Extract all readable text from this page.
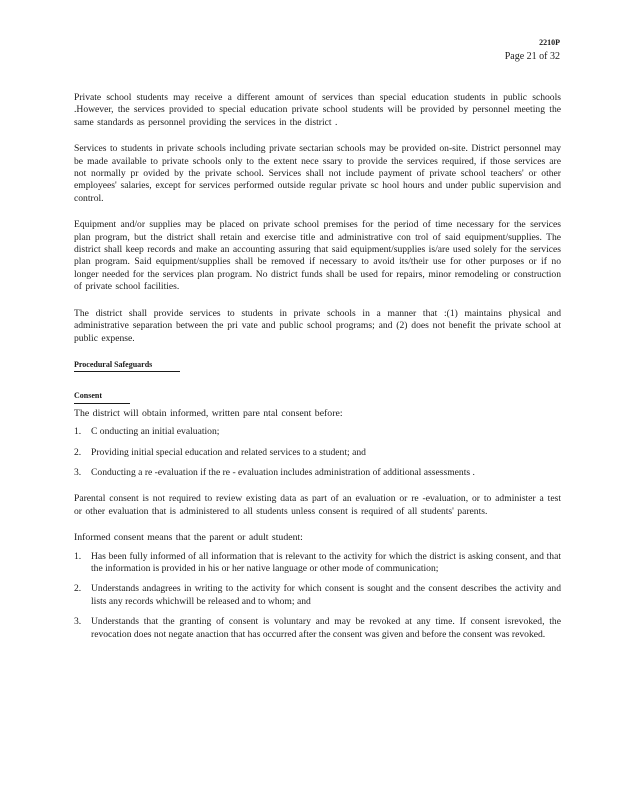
2210P
Page 21 of 32

Private school students may receive a different amount of services than special education students in public schools .However, the services provided to special education private school students will be provided by personnel meeting the same standards as personnel providing the services in the district .

Services to students in private schools including private sectarian schools may be provided on-site. District personnel may be made available to private schools only to the extent nece ssary to provide the services required, if those services are not normally pr ovided by the private school. Services shall not include payment of private school teachers' or other employees' salaries, except for services performed outside regular private sc hool hours and under public supervision and control.

Equipment and/or supplies may be placed on private school premises for the period of time necessary for the services plan program, but the district shall retain and exercise title and administrative con trol of said equipment/supplies. The district shall keep records and make an accounting assuring that said equipment/supplies is/are used solely for the services plan program. Said equipment/supplies shall be removed if necessary to avoid its/their use for other purposes or if no longer needed for the services plan program. No district funds shall be used for repairs, minor remodeling or construction of private school facilities.

The district shall provide services to students in private schools in a manner that :(1) maintains physical and administrative separation between the pri vate and public school programs; and (2) does not benefit the private school at public expense.

Procedural Safeguards
Consent

The district will obtain informed, written pare ntal consent before:

1. C onducting an initial evaluation;
2. Providing initial special education and related services to a student; and
3. Conducting a re -evaluation if the re - evaluation includes administration of additional assessments .

Parental consent is not required to review existing data as part of an evaluation or re -evaluation, or to administer a test or other evaluation that is administered to all students unless consent is required of all students' parents.

Informed consent means that the parent or adult student:

1. Has been fully informed of all information that is relevant to the activity for which the district is asking consent, and that the information is provided in his or her native language or other mode of communication;
2. Understands andagrees in writing to the activity for which consent is sought and the consent describes the activity and lists any records whichwill be released and to whom; and
3. Understands that the granting of consent is voluntary and may be revoked at any time. If consent isrevoked, the revocation does not negate anaction that has occurred after the consent was given and before the consent was revoked.
